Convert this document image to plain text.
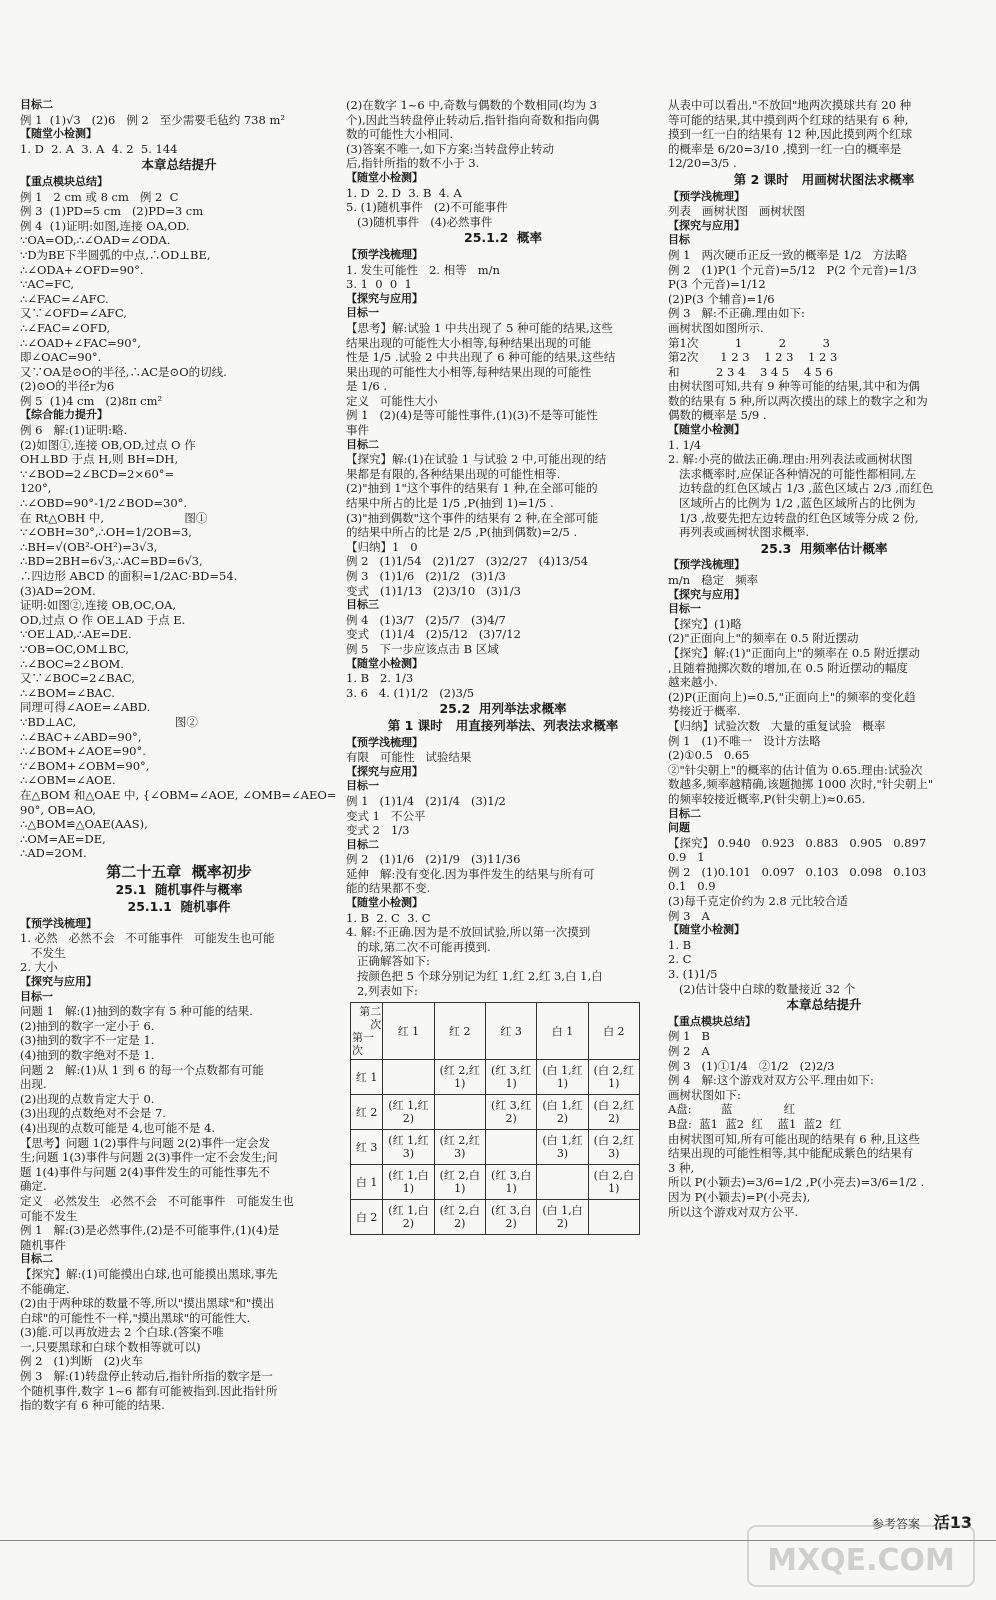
目标二
例 1  (1)√3   (2)6   例 2   至少需要毛毡约 738 m²
【随堂小检测】
1. D  2. A  3. A  4. 2  5. 144
本章总结提升
【重点模块总结】
例 1   2 cm 或 8 cm   例 2  C
例 3  (1)PD=5 cm   (2)PD=3 cm
例 4  (1)证明:如图,连接 OA,OD.
∵OA=OD,∴∠OAD=∠ODA.
∵D为BE下半圆弧的中点,∴OD⊥BE,
∴∠ODA+∠OFD=90°.
∵AC=FC,
∴∠FAC=∠AFC.
又∵∠OFD=∠AFC,
∴∠FAC=∠OFD,
∴∠OAD+∠FAC=90°,
即∠OAC=90°.
又∵OA是⊙O的半径,∴AC是⊙O的切线.
(2)⊙O的半径r为6
例 5  (1)4 cm   (2)8π cm²
【综合能力提升】
例 6   解:(1)证明:略.
(2)如图①,连接 OB,OD,过点 O 作
OH⊥BD 于点 H,则 BH=DH,
∵∠BOD=2∠BCD=2×60°=
120°,
∴∠OBD=90°-1/2∠BOD=30°.
在 Rt△OBH 中,                      图①
∵∠OBH=30°,∴OH=1/2OB=3,
∴BH=√(OB²-OH²)=3√3,
∴BD=2BH=6√3,∴AC=BD=6√3,
∴四边形 ABCD 的面积=1/2AC·BD=54.
(3)AD=2OM.
证明:如图②,连接 OB,OC,OA,
OD,过点 O 作 OE⊥AD 于点 E.
∵OE⊥AD,∴AE=DE.
∵OB=OC,OM⊥BC,
∴∠BOC=2∠BOM.
又∵∠BOC=2∠BAC,
∴∠BOM=∠BAC.
同理可得∠AOE=∠ABD.
∵BD⊥AC,                           图②
∴∠BAC+∠ABD=90°,
∴∠BOM+∠AOE=90°.
∵∠BOM+∠OBM=90°,
∴∠OBM=∠AOE.
在△BOM 和△OAE 中, {∠OBM=∠AOE, ∠OMB=∠AEO=90°, OB=AO,
∴△BOM≌△OAE(AAS),
∴OM=AE=DE,
∴AD=2OM.
第二十五章  概率初步
25.1  随机事件与概率
25.1.1  随机事件
【预学浅梳理】
1. 必然   必然不会   不可能事件   可能发生也可能
不发生
2. 大小
【探究与应用】
目标一
问题 1   解:(1)抽到的数字有 5 种可能的结果.
(2)抽到的数字一定小于 6.
(3)抽到的数字不一定是 1.
(4)抽到的数字绝对不是 1.
问题 2   解:(1)从 1 到 6 的每一个点数都有可能
出现.
(2)出现的点数肯定大于 0.
(3)出现的点数绝对不会是 7.
(4)出现的点数可能是 4,也可能不是 4.
【思考】问题 1(2)事件与问题 2(2)事件一定会发
生;问题 1(3)事件与问题 2(3)事件一定不会发生;问
题 1(4)事件与问题 2(4)事件发生的可能性事先不
确定.
定义   必然发生   必然不会   不可能事件   可能发生也
可能不发生
例 1   解:(3)是必然事件,(2)是不可能事件,(1)(4)是
随机事件
目标二
【探究】解:(1)可能摸出白球,也可能摸出黑球,事先
不能确定.
(2)由于两种球的数量不等,所以"摸出黑球"和"摸出
白球"的可能性不一样,"摸出黑球"的可能性大.
(3)能.可以再放进去 2 个白球.(答案不唯
一,只要黑球和白球个数相等就可以)
例 2   (1)判断   (2)火车
例 3   解:(1)转盘停止转动后,指针所指的数字是一
个随机事件,数字 1~6 都有可能被指到.因此指针所
指的数字有 6 种可能的结果.
(2)在数字 1~6 中,奇数与偶数的个数相同(均为 3
个),因此当转盘停止转动后,指针指向奇数和指向偶
数的可能性大小相同.
(3)答案不唯一,如下方案:当转盘停止转动
后,指针所指的数不小于 3.
【随堂小检测】
1. D  2. D  3. B  4. A
5. (1)随机事件   (2)不可能事件
(3)随机事件   (4)必然事件
25.1.2  概率
【预学浅梳理】
1. 发生可能性   2. 相等   m/n
3. 1  0  0  1
【探究与应用】
目标一
【思考】解:试验 1 中共出现了 5 种可能的结果,这些
结果出现的可能性大小相等,每种结果出现的可能
性是 1/5 .试验 2 中共出现了 6 种可能的结果,这些结
果出现的可能性大小相等,每种结果出现的可能性
是 1/6 .
定义   可能性大小
例 1   (2)(4)是等可能性事件,(1)(3)不是等可能性
事件
目标二
【探究】解:(1)在试验 1 与试验 2 中,可能出现的结
果都是有限的,各种结果出现的可能性相等.
(2)"抽到 1"这个事件的结果有 1 种,在全部可能的
结果中所占的比是 1/5 ,P(抽到 1)=1/5 .
(3)"抽到偶数"这个事件的结果有 2 种,在全部可能
的结果中所占的比是 2/5 ,P(抽到偶数)=2/5 .
【归纳】1   0
例 2   (1)1/54   (2)1/27   (3)2/27   (4)13/54
例 3   (1)1/6   (2)1/2   (3)1/3
变式   (1)1/13   (2)3/10   (3)1/3
目标三
例 4   (1)3/7   (2)5/7   (3)4/7
变式   (1)1/4   (2)5/12   (3)7/12
例 5   下一步应该点击 B 区域
【随堂小检测】
1. B   2. 1/3
3. 6   4. (1)1/2   (2)3/5
25.2  用列举法求概率
第 1 课时   用直接列举法、列表法求概率
【预学浅梳理】
有限   可能性   试验结果
【探究与应用】
目标一
例 1   (1)1/4   (2)1/4   (3)1/2
变式 1   不公平
变式 2   1/3
目标二
例 2   (1)1/6   (2)1/9   (3)11/36
延伸   解:没有变化.因为事件发生的结果与所有可
能的结果都不变.
【随堂小检测】
1. B  2. C  3. C
4. 解:不正确.因为是不放回试验,所以第一次摸到
的球,第二次不可能再摸到.
正确解答如下:
按颜色把 5 个球分别记为红 1,红 2,红 3,白 1,白
2,列表如下:
第二次
第一次	红 1	红 2	红 3	白 1	白 2
红 1		(红 2,红 1)	(红 3,红 1)	(白 1,红 1)	(白 2,红 1)
红 2	(红 1,红 2)		(红 3,红 2)	(白 1,红 2)	(白 2,红 2)
红 3	(红 1,红 3)	(红 2,红 3)		(白 1,红 3)	(白 2,红 3)
白 1	(红 1,白 1)	(红 2,白 1)	(红 3,白 1)		(白 2,白 1)
白 2	(红 1,白 2)	(红 2,白 2)	(红 3,白 2)	(白 1,白 2)	
从表中可以看出,"不放回"地两次摸球共有 20 种
等可能的结果,其中摸到两个红球的结果有 6 种,
摸到一红一白的结果有 12 种,因此摸到两个红球
的概率是 6/20=3/10 ,摸到一红一白的概率是
12/20=3/5 .
第 2 课时   用画树状图法求概率
【预学浅梳理】
列表   画树状图   画树状图
【探究与应用】
目标
例 1   两次硬币正反一致的概率是 1/2   方法略
例 2   (1)P(1 个元音)=5/12   P(2 个元音)=1/3
P(3 个元音)=1/12
(2)P(3 个辅音)=1/6
例 3   解:不正确.理由如下:
画树状图如图所示.
第1次          1          2          3
第2次      1 2 3    1 2 3    1 2 3
和          2 3 4    3 4 5    4 5 6
由树状图可知,共有 9 种等可能的结果,其中和为偶
数的结果有 5 种,所以两次摸出的球上的数字之和为
偶数的概率是 5/9 .
【随堂小检测】
1. 1/4
2. 解:小亮的做法正确.理由:用列表法或画树状图
法求概率时,应保证各种情况的可能性都相同,左
边转盘的红色区域占 1/3 ,蓝色区域占 2/3 ,而红色
区域所占的比例为 1/2 ,蓝色区域所占的比例为
1/3 ,故要先把左边转盘的红色区域等分成 2 份,
再列表或画树状图求概率.
25.3  用频率估计概率
【预学浅梳理】
m/n   稳定   频率
【探究与应用】
目标一
【探究】(1)略
(2)"正面向上"的频率在 0.5 附近摆动
【探究】解:(1)"正面向上"的频率在 0.5 附近摆动
,且随着抛掷次数的增加,在 0.5 附近摆动的幅度
越来越小.
(2)P(正面向上)=0.5,"正面向上"的频率的变化趋
势接近于概率.
【归纳】试验次数   大量的重复试验   概率
例 1   (1)不唯一   设计方法略
(2)①0.5   0.65
②"针尖朝上"的概率的估计值为 0.65.理由:试验次
数越多,频率越精确,该题抛掷 1000 次时,"针尖朝上"
的频率较接近概率,P(针尖朝上)≈0.65.
目标二
问题
【探究】 0.940   0.923   0.883   0.905   0.897
0.9   1
例 2   (1)0.101   0.097   0.103   0.098   0.103
0.1   0.9
(3)每千克定价约为 2.8 元比较合适
例 3   A
【随堂小检测】
1. B
2. C
3. (1)1/5
(2)估计袋中白球的数量接近 32 个
本章总结提升
【重点模块总结】
例 1   B
例 2   A
例 3   (1)①1/4   ②1/2   (2)2/3
例 4   解:这个游戏对双方公平.理由如下:
画树状图如下:
A盘:        蓝              红
B盘:  蓝1  蓝2  红    蓝1  蓝2  红
由树状图可知,所有可能出现的结果有 6 种,且这些
结果出现的可能性相等,其中能配成紫色的结果有
3 种,
所以 P(小颖去)=3/6=1/2 ,P(小亮去)=3/6=1/2 .
因为 P(小颖去)=P(小亮去),
所以这个游戏对双方公平.
参考答案 活13
MXQE.COM
